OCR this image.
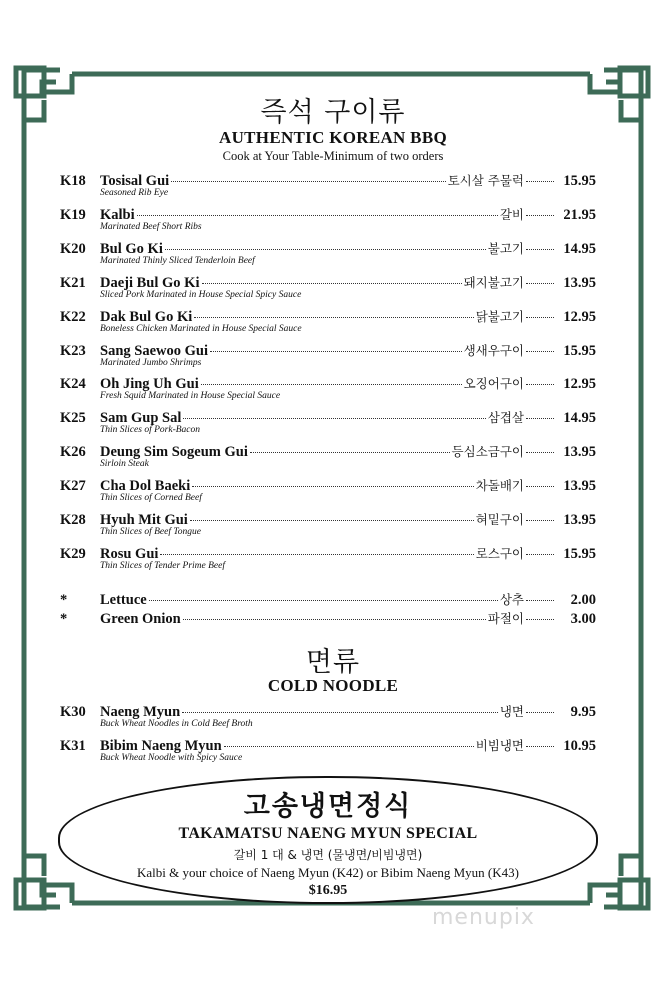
즉석 구이류
AUTHENTIC KOREAN BBQ
Cook at Your Table-Minimum of two orders
K18 Tosisal Gui	토시살 주물럭	15.95
Seasoned Rib Eye
K19 Kalbi	갈비	21.95
Marinated Beef Short Ribs
K20 Bul Go Ki	불고기	14.95
Marinated Thinly Sliced Tenderloin Beef
K21 Daeji Bul Go Ki	돼지불고기	13.95
Sliced Pork Marinated in House Special Spicy Sauce
K22 Dak Bul Go Ki	닭불고기	12.95
Boneless Chicken Marinated in House Special Sauce
K23 Sang Saewoo Gui	생새우구이	15.95
Marinated Jumbo Shrimps
K24 Oh Jing Uh Gui	오징어구이	12.95
Fresh Squid Marinated in House Special Sauce
K25 Sam Gup Sal	삼겹살	14.95
Thin Slices of Pork-Bacon
K26 Deung Sim Sogeum Gui	등심소금구이	13.95
Sirloin Steak
K27 Cha Dol Baeki	차돌배기	13.95
Thin Slices of Corned Beef
K28 Hyuh Mit Gui	혀밑구이	13.95
Thin Slices of Beef Tongue
K29 Rosu Gui	로스구이	15.95
Thin Slices of Tender Prime Beef
*	Lettuce	상추	2.00
*	Green Onion	파절이	3.00
면류
COLD NOODLE
K30 Naeng Myun	냉면	9.95
Buck Wheat Noodles in Cold Beef Broth
K31 Bibim Naeng Myun	비빔냉면	10.95
Buck Wheat Noodle with Spicy Sauce
고송냉면정식
TAKAMATSU NAENG MYUN SPECIAL
갈비 1 대 & 냉면 (물냉면/비빔냉면)
Kalbi & your choice of Naeng Myun (K42) or Bibim Naeng Myun (K43)
$16.95
menupix
